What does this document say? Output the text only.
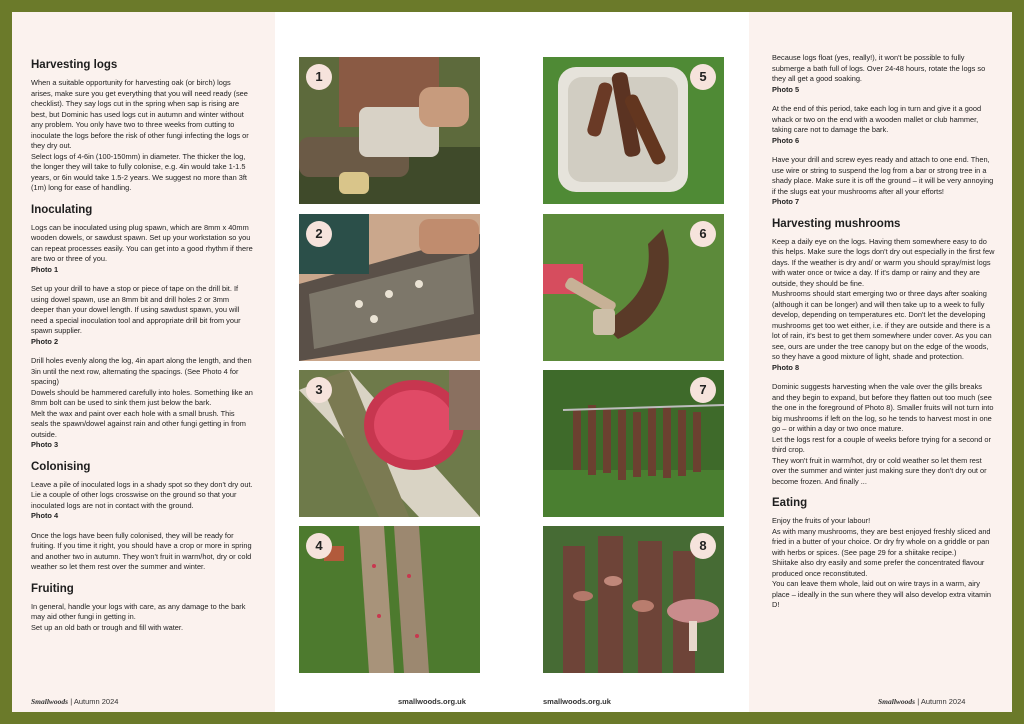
Harvesting logs

When a suitable opportunity for harvesting oak (or birch) logs arises, make sure you get everything that you will need ready (see checklist). They say logs cut in the spring when sap is rising are best, but Dominic has used logs cut in autumn and winter without any problem. You only have two to three weeks from cutting to inoculate the logs before the risk of other fungi infecting the logs or they dry out.

Select logs of 4-6in (100-150mm) in diameter. The thicker the log, the longer they will take to fully colonise, e.g. 4in would take 1-1.5 years, or 6in would take 1.5-2 years. We suggest no more than 3ft (1m) long for ease of handling.

Inoculating

Logs can be inoculated using plug spawn, which are 8mm x 40mm wooden dowels, or sawdust spawn. Set up your workstation so you can repeat processes easily. You can get into a good rhythm if there are two or three of you.
Photo 1

Set up your drill to have a stop or piece of tape on the drill bit. If using dowel spawn, use an 8mm bit and drill holes 2 or 3mm deeper than your dowel length. If using sawdust spawn, you will need a special inoculation tool and appropriate drill bit from your spawn supplier.
Photo 2

Drill holes evenly along the log, 4in apart along the length, and then 3in until the next row, alternating the spacings. (See Photo 4 for spacing)
Dowels should be hammered carefully into holes. Something like an 8mm bolt can be used to sink them just below the bark.
Melt the wax and paint over each hole with a small brush. This seals the spawn/dowel against rain and other fungi getting in from outside.
Photo 3

Colonising

Leave a pile of inoculated logs in a shady spot so they don't dry out. Lie a couple of other logs crosswise on the ground so that your inoculated logs are not in contact with the ground.
Photo 4

Once the logs have been fully colonised, they will be ready for fruiting. If you time it right, you should have a crop or more in spring and another two in autumn. They won't fruit in warm/hot, dry or cold weather so let them rest over the summer and winter.

Fruiting

In general, handle your logs with care, as any damage to the bark may aid other fungi in getting in.

Set up an old bath or trough and fill with water.

1
2
3
4
Smallwoods | Autumn 2024	smallwoods.org.uk
5
6
7
8

Because logs float (yes, really!), it won't be possible to fully submerge a bath full of logs. Over 24-48 hours, rotate the logs so they all get a good soaking.
Photo 5

At the end of this period, take each log in turn and give it a good whack or two on the end with a wooden mallet or club hammer, taking care not to damage the bark.
Photo 6

Have your drill and screw eyes ready and attach to one end. Then, use wire or string to suspend the log from a bar or strong tree in a shady place. Make sure it is off the ground – it will be very annoying if the slugs eat your mushrooms after all your efforts!
Photo 7

Harvesting mushrooms

Keep a daily eye on the logs. Having them somewhere easy to do this helps. Make sure the logs don't dry out especially in the first few days. If the weather is dry and/ or warm you should spray/mist logs with water once or twice a day. If it's damp or rainy and they are outside, they should be fine.
Mushrooms should start emerging two or three days after soaking (although it can be longer) and will then take up to a week to fully develop, depending on temperatures etc. Don't let the developing mushrooms get too wet either, i.e. if they are outside and there is a lot of rain, it's best to get them somewhere under cover. As you can see, ours are under the tree canopy but on the edge of the woods, so they have a good mixture of light, shade and protection.
Photo 8

Dominic suggests harvesting when the vale over the gills breaks and they begin to expand, but before they flatten out too much (see the one in the foreground of Photo 8). Smaller fruits will not turn into big mushrooms if left on the log, so he tends to harvest most in one go – or within a day or two once mature.
Let the logs rest for a couple of weeks before trying for a second or third crop.
They won't fruit in warm/hot, dry or cold weather so let them rest over the summer and winter just making sure they don't dry out or become frozen. And finally ...

Eating

Enjoy the fruits of your labour!
As with many mushrooms, they are best enjoyed freshly sliced and fried in a butter of your choice. Or dry fry whole on a griddle or pan with herbs or spices. (See page 29 for a shiitake recipe.)
Shiitake also dry easily and some prefer the concentrated flavour produced once reconstituted.
You can leave them whole, laid out on wire trays in a warm, airy place – ideally in the sun where they will also develop extra vitamin D!

smallwoods.org.uk	Smallwoods | Autumn 2024
